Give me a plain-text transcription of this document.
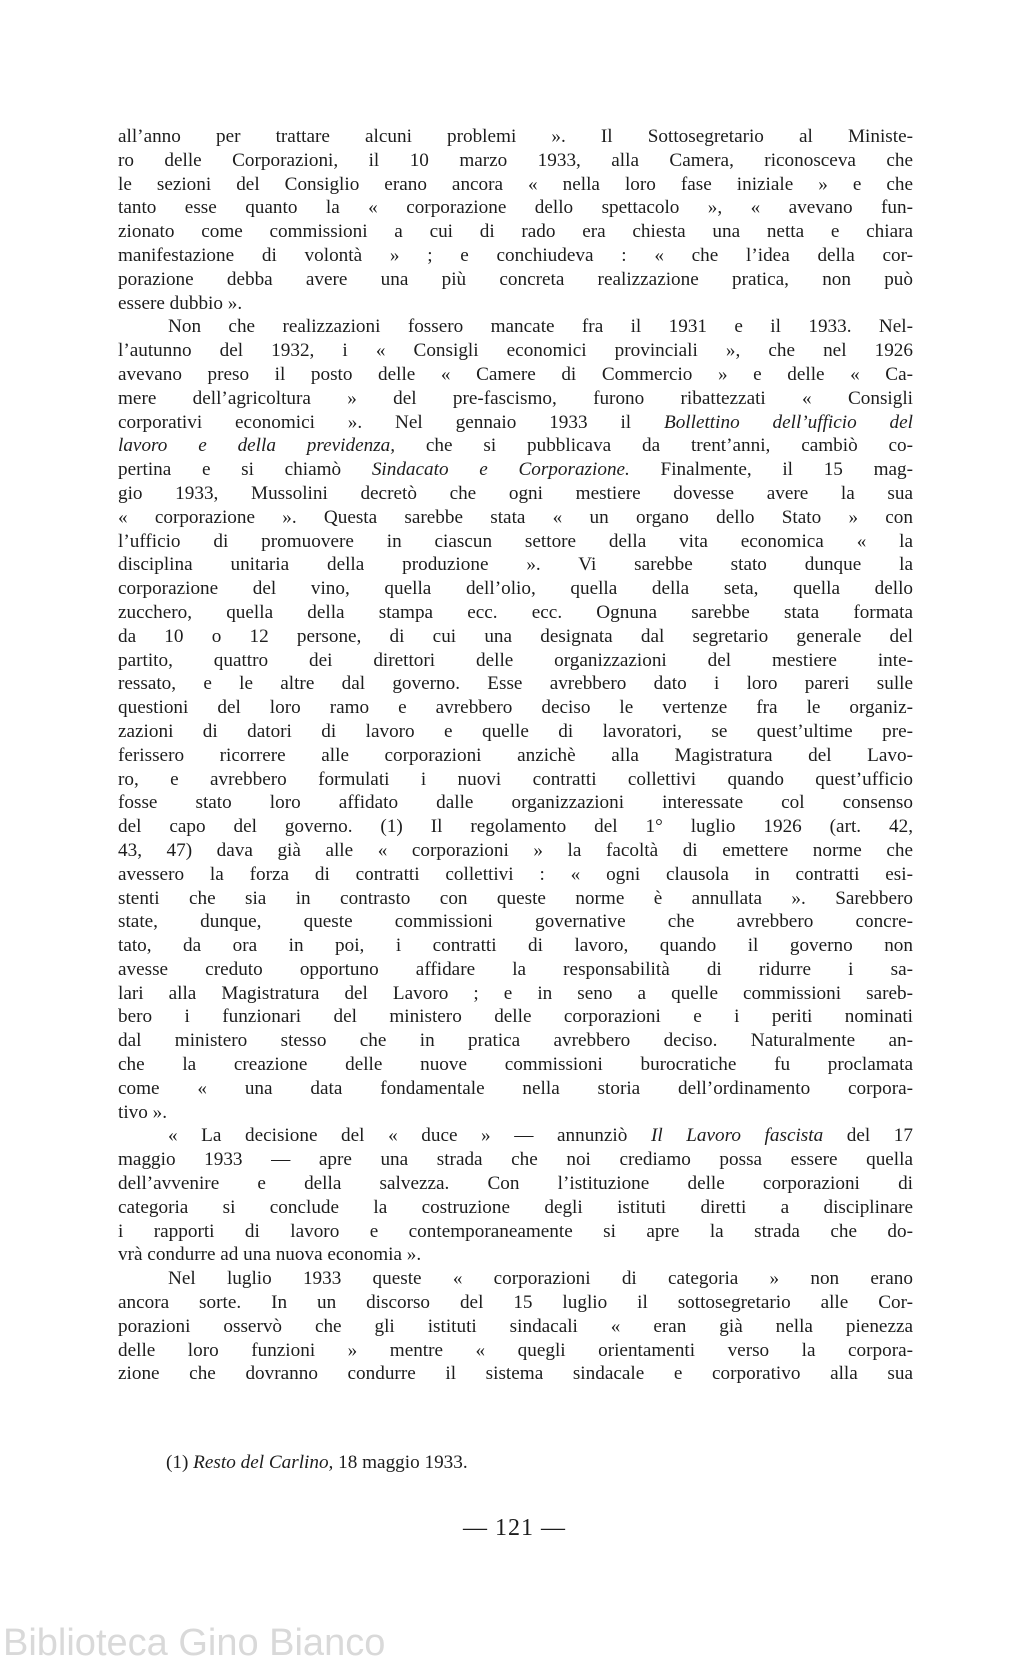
all’anno per trattare alcuni problemi ». Il Sottosegretario al Ministe-
ro delle Corporazioni, il 10 marzo 1933, alla Camera, riconosceva che
le sezioni del Consiglio erano ancora « nella loro fase iniziale » e che
tanto esse quanto la « corporazione dello spettacolo », « avevano fun-
zionato come commissioni a cui di rado era chiesta una netta e chiara
manifestazione di volontà » ; e conchiudeva : « che l’idea della cor-
porazione debba avere una più concreta realizzazione pratica, non può
essere dubbio ».
Non che realizzazioni fossero mancate fra il 1931 e il 1933. Nel-
l’autunno del 1932, i « Consigli economici provinciali », che nel 1926
avevano preso il posto delle « Camere di Commercio » e delle « Ca-
mere dell’agricoltura » del pre-fascismo, furono ribattezzati « Consigli
corporativi economici ». Nel gennaio 1933 il Bollettino dell’ufficio del
lavoro e della previdenza, che si pubblicava da trent’anni, cambiò co-
pertina e si chiamò Sindacato e Corporazione. Finalmente, il 15 mag-
gio 1933, Mussolini decretò che ogni mestiere dovesse avere la sua
« corporazione ». Questa sarebbe stata « un organo dello Stato » con
l’ufficio di promuovere in ciascun settore della vita economica « la
disciplina unitaria della produzione ». Vi sarebbe stato dunque la
corporazione del vino, quella dell’olio, quella della seta, quella dello
zucchero, quella della stampa ecc. ecc. Ognuna sarebbe stata formata
da 10 o 12 persone, di cui una designata dal segretario generale del
partito, quattro dei direttori delle organizzazioni del mestiere inte-
ressato, e le altre dal governo. Esse avrebbero dato i loro pareri sulle
questioni del loro ramo e avrebbero deciso le vertenze fra le organiz-
zazioni di datori di lavoro e quelle di lavoratori, se quest’ultime pre-
ferissero ricorrere alle corporazioni anzichè alla Magistratura del Lavo-
ro, e avrebbero formulati i nuovi contratti collettivi quando quest’ufficio
fosse stato loro affidato dalle organizzazioni interessate col consenso
del capo del governo. (1) Il regolamento del 1° luglio 1926 (art. 42,
43, 47) dava già alle « corporazioni » la facoltà di emettere norme che
avessero la forza di contratti collettivi : « ogni clausola in contratti esi-
stenti che sia in contrasto con queste norme è annullata ». Sarebbero
state, dunque, queste commissioni governative che avrebbero concre-
tato, da ora in poi, i contratti di lavoro, quando il governo non
avesse creduto opportuno affidare la responsabilità di ridurre i sa-
lari alla Magistratura del Lavoro ; e in seno a quelle commissioni sareb-
bero i funzionari del ministero delle corporazioni e i periti nominati
dal ministero stesso che in pratica avrebbero deciso. Naturalmente an-
che la creazione delle nuove commissioni burocratiche fu proclamata
come « una data fondamentale nella storia dell’ordinamento corpora-
tivo ».
« La decisione del « duce » — annunziò Il Lavoro fascista del 17
maggio 1933 — apre una strada che noi crediamo possa essere quella
dell’avvenire e della salvezza. Con l’istituzione delle corporazioni di
categoria si conclude la costruzione degli istituti diretti a disciplinare
i rapporti di lavoro e contemporaneamente si apre la strada che do-
vrà condurre ad una nuova economia ».
Nel luglio 1933 queste « corporazioni di categoria » non erano
ancora sorte. In un discorso del 15 luglio il sottosegretario alle Cor-
porazioni osservò che gli istituti sindacali « eran già nella pienezza
delle loro funzioni » mentre « quegli orientamenti verso la corpora-
zione che dovranno condurre il sistema sindacale e corporativo alla sua
(1) Resto del Carlino, 18 maggio 1933.
— 121 —
Biblioteca Gino Bianco
